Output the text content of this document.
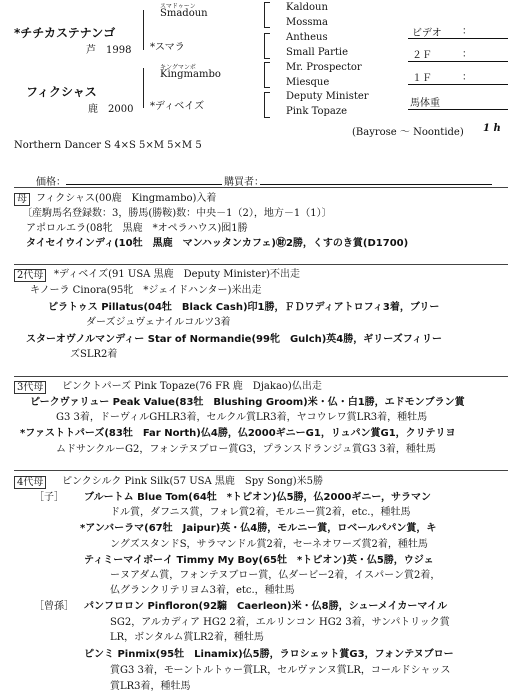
*チチカステナンゴ
芦　1998
スマドゥーン
Smadoun
*スマラ
Kaldoun
Mossma
Antheus
Small Partie
フィクシャス
鹿　2000
キングマンボ
Kingmambo
*ディベイズ
Mr. Prospector
Miesque
Deputy Minister
Pink Topaze
ビデオ ：
２Ｆ	：
１Ｆ	：
馬体重
(Bayrose ～ Noontide) 1 h
Northern Dancer S 4×S 5×M 5×M 5
価格：	購買者：
母 フィクシャス(00鹿　Kingmambo)入着
〔産駒馬名登録数：3，勝馬(勝鞍)数：中央－1（2），地方－1（1）〕
アポロルエラ(08牝　黒鹿　*オペラハウス)囮1勝
タイセイウインディ(10牡　黒鹿　マンハッタンカフェ)㊖2勝，くすのき賞(D1700)
2代母	*ディベイズ(91 USA 黒鹿　Deputy Minister)不出走
キノーラ Cinora(95牝　*ジェイドハンター)米出走
ピラトゥス Pillatus(04牡　Black Cash)印1勝，ＦＤワディアトロフィ3着，ブリー
ダーズジュヴェナイルコルツ3着
スターオヴノルマンディー Star of Normandie(99牝　Gulch)英4勝，ギリーズフィリー
ズSLR2着
3代母	ピンクトパーズ Pink Topaze(76 FR 鹿　Djakao)仏出走
ピークヴァリュー Peak Value(83牡　Blushing Groom)米・仏・白1勝，エドモンブラン賞
G3 3着，ドーヴィルGHLR3着，セルクル賞LR3着，ヤコウレワ賞LR3着，種牡馬
*ファストトパーズ(83牡　Far North)仏4勝，仏2000ギニーG1，リュパン賞G1，クリテリヨ
ムドサンクルーG2，フォンテヌブロー賞G3，プランスドランジュ賞G3 3着，種牡馬
4代母	ピンクシルク Pink Silk(57 USA 黒鹿　Spy Song)米5勝
［子］ ブルートム Blue Tom(64牡　*トピオン)仏5勝，仏2000ギニー，サラマン
ドル賞，ダフニス賞，フォレ賞2着，モルニー賞2着，etc.，種牡馬
*アンバーラマ(67牡　Jaipur)英・仏4勝，モルニー賞，ロベールパパン賞，キ
ングズスタンドS，サラマンドル賞2着，セーネオワーズ賞2着，種牡馬
ティミーマイボーイ Timmy My Boy(65牡　*トピオン)英・仏5勝，ウジェ
ーヌアダム賞，フォンテヌブロー賞，仏ダービー2着，イスパーン賞2着，
仏グランクリテリヨム3着，etc.，種牡馬
［曾孫］ パンフロロン Pinfloron(92騸　Caerleon)米・仏8勝，シューメイカーマイル
SG2，アルカディア HG2 2着，エルリンコン HG2 3着，サンパトリック賞
LR，ボンタルム賞LR2着，種牡馬
ピンミ Pinmix(95牡　Linamix)仏5勝，ラロシェット賞G3，フォンテヌブロー
賞G3 3着，モーントルトゥー賞LR，セルヴァンヌ賞LR，コールドシャッス
賞LR3着，種牡馬
